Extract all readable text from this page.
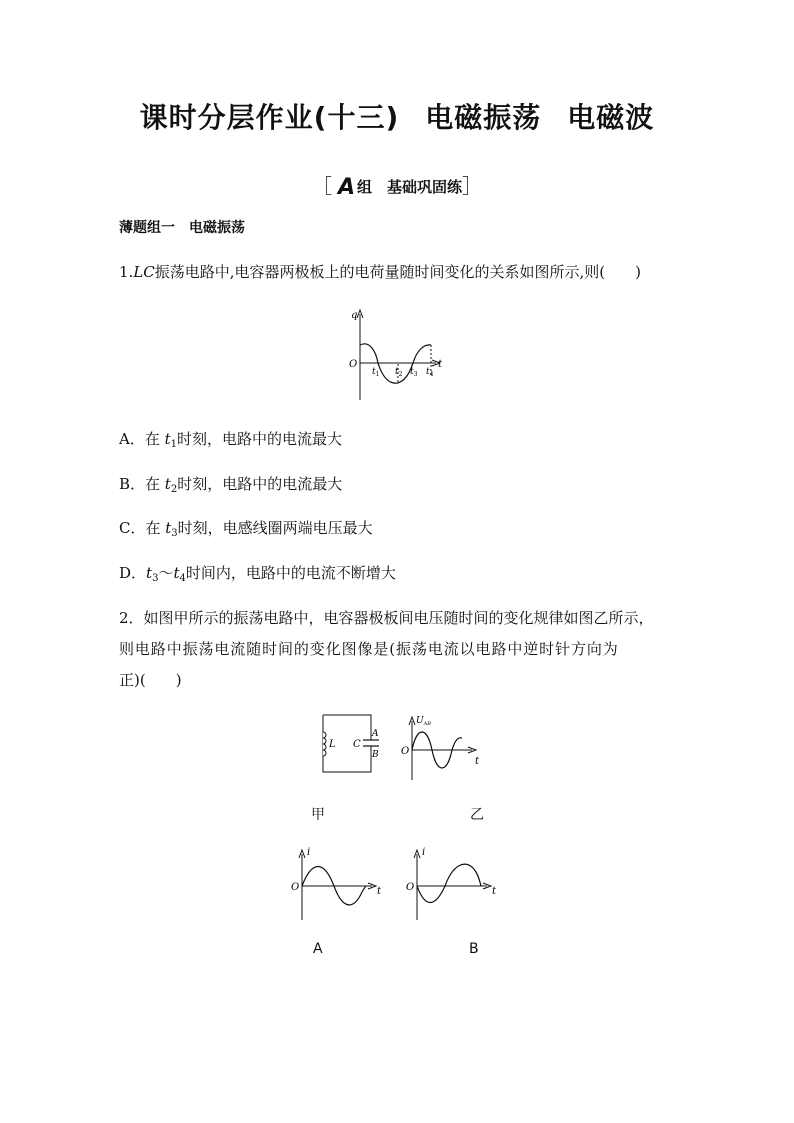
课时分层作业(十三) 电磁振荡 电磁波
［ A 组　基础巩固练］
薄题组一　电磁振荡
1.LC振荡电路中,电容器两极板上的电荷量随时间变化的关系如图所示,则(　　)
q
O	t
$t_1$ $t_2$ $t_3$ $t_4$
A．在 $t_1$时刻，电路中的电流最大
B．在 $t_2$时刻，电路中的电流最大
C．在 $t_3$时刻，电感线圈两端电压最大
D．$t_3\sim t_4$时间内，电路中的电流不断增大
2．如图甲所示的振荡电路中，电容器极板间电压随时间的变化规律如图乙所示，
则电路中振荡电流随时间的变化图像是(振荡电流以电路中逆时针方向为
正)(　　)
L C
A
B
$U_{AB}$
O
t
甲	乙
i
O	t
i
O	t
A	B
